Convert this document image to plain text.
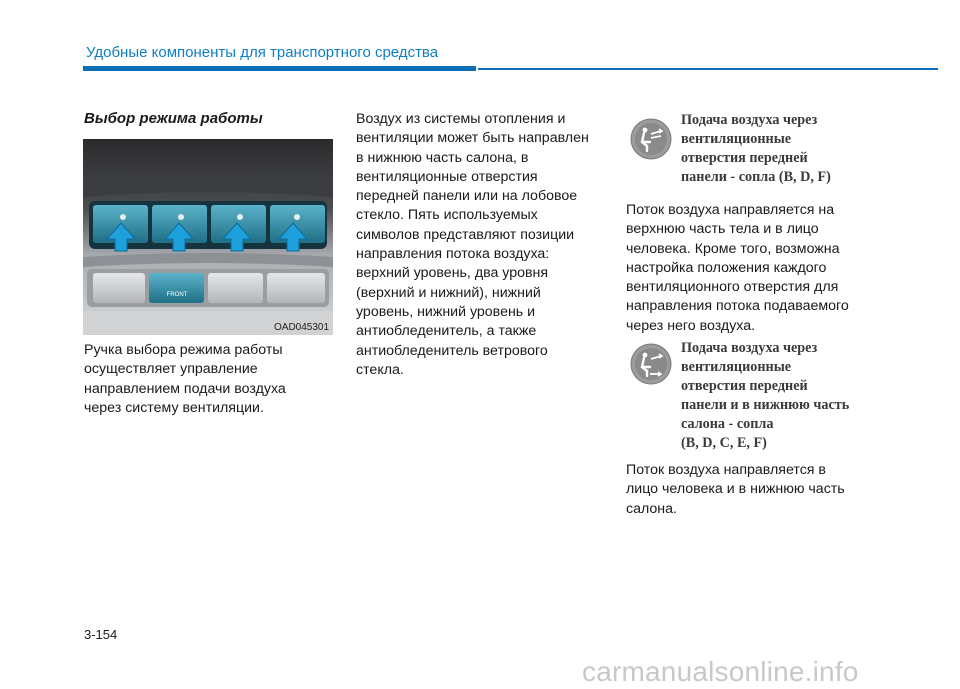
Удобные компоненты для транспортного средства
Выбор режима работы
FRONT
OAD045301
Ручка выбора режима работы
осуществляет управление
направлением подачи воздуха
через систему вентиляции.
Воздух из системы отопления и
вентиляции может быть направлен
в нижнюю часть салона, в
вентиляционные отверстия
передней панели или на лобовое
стекло. Пять используемых
символов представляют позиции
направления потока воздуха:
верхний уровень, два уровня
(верхний и нижний), нижний
уровень, нижний уровень и
антиобледенитель, а также
антиобледенитель ветрового
стекла.
Подача воздуха через
вентиляционные
отверстия передней
панели - сопла (B, D, F)
Поток воздуха направляется на
верхнюю часть тела и в лицо
человека. Кроме того, возможна
настройка положения каждого
вентиляционного отверстия для
направления потока подаваемого
через него воздуха.
Подача воздуха через
вентиляционные
отверстия передней
панели и в нижнюю часть
салона - сопла
(B, D, C, E, F)
Поток воздуха направляется в
лицо человека и в нижнюю часть
салона.
3-154
carmanualsonline.info
